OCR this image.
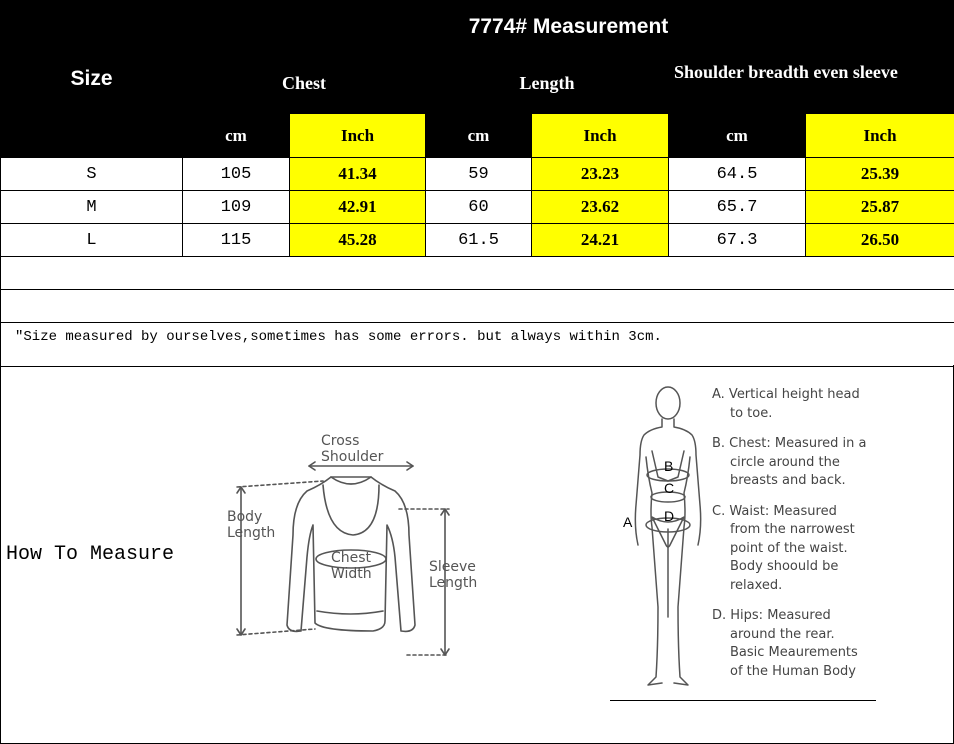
Size	7774# Measurement					
	Chest		Length		Shoulder breadth even sleeve	
	cm	Inch	cm	Inch	cm	Inch
S	105	41.34	59	23.23	64.5	25.39
M	109	42.91	60	23.62	65.7	25.87
L	115	45.28	61.5	24.21	67.3	26.50

"Size measured by ourselves,sometimes has some errors. but always within 3cm.						
How To Measure
Cross
Shoulder
Body
Length
Chest
Width	Sleeve
Length
A
B
C
D
A. Vertical height head
to toe.
B. Chest: Measured in a
circle around the
breasts and back.
C. Waist: Measured
from the narrowest
point of the waist.
Body shoould be
relaxed.
D. Hips: Measured
around the rear.
Basic Meaurements
of the Human Body
